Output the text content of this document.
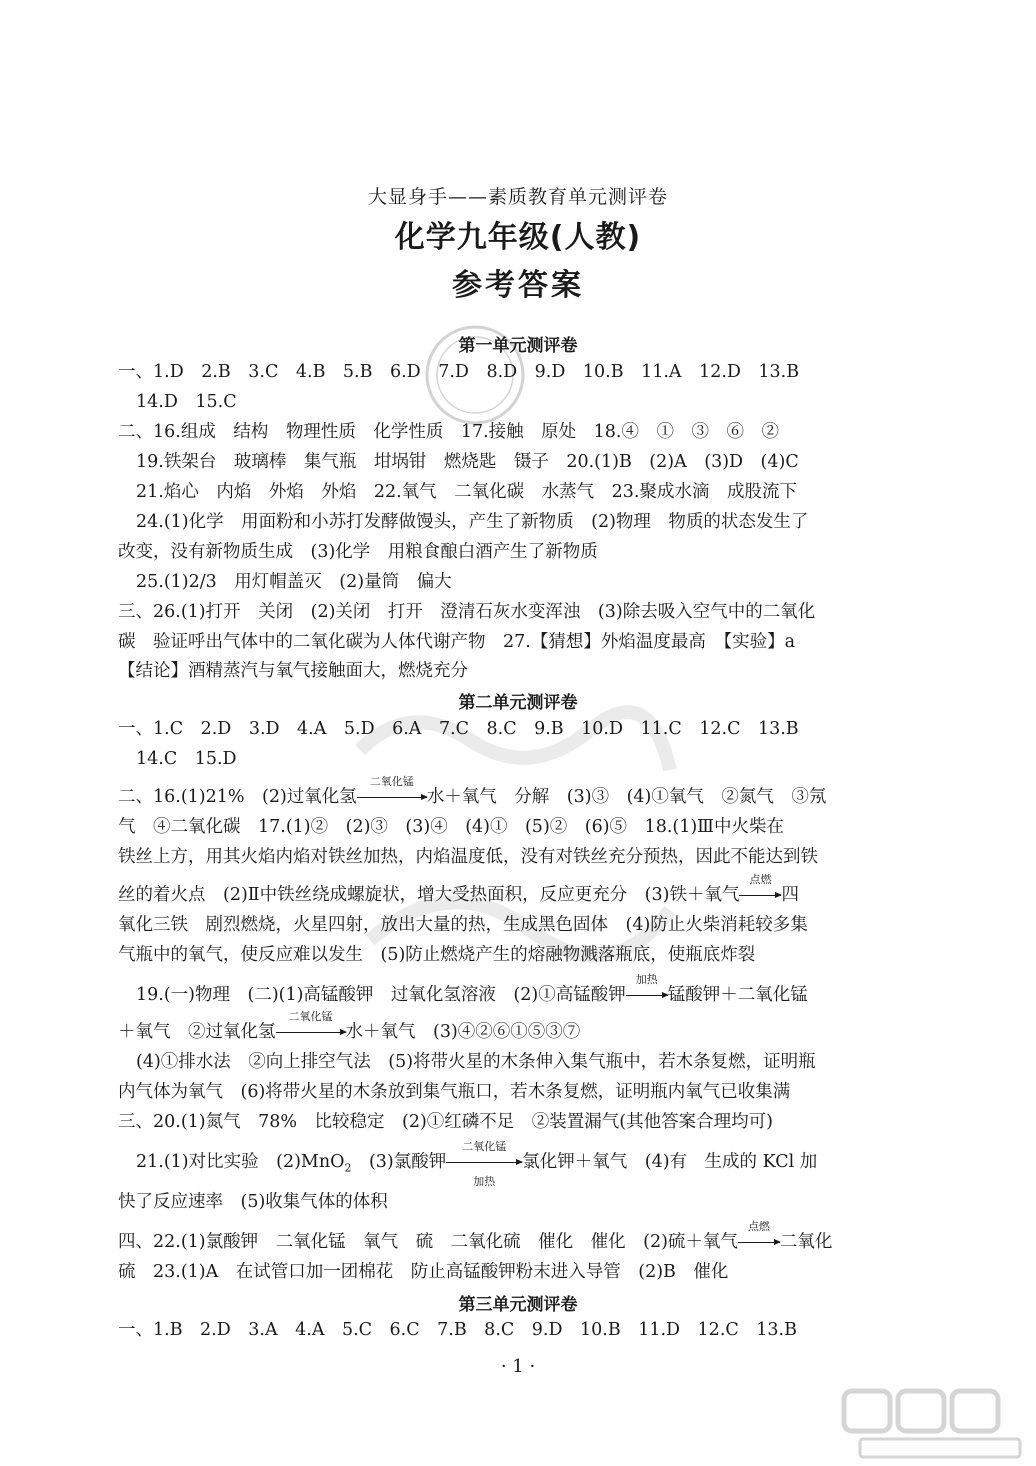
大显身手——素质教育单元测评卷
化学九年级(人教)
参考答案
第一单元测评卷
一、1.D　2.B　3.C　4.B　5.B　6.D　7.D　8.D　9.D　10.B　11.A　12.D　13.B
14.D　15.C
二、16.组成　结构　物理性质　化学性质　17.接触　原处　18.④　①　③　⑥　②
19.铁架台　玻璃棒　集气瓶　坩埚钳　燃烧匙　镊子　20.(1)B　(2)A　(3)D　(4)C
21.焰心　内焰　外焰　外焰　22.氧气　二氧化碳　水蒸气　23.聚成水滴　成股流下
24.(1)化学　用面粉和小苏打发酵做馒头，产生了新物质　(2)物理　物质的状态发生了
改变，没有新物质生成　(3)化学　用粮食酿白酒产生了新物质
25.(1)2/3　用灯帽盖灭　(2)量筒　偏大
三、26.(1)打开　关闭　(2)关闭　打开　澄清石灰水变浑浊　(3)除去吸入空气中的二氧化
碳　验证呼出气体中的二氧化碳为人体代谢产物　27.【猜想】外焰温度最高　【实验】a
【结论】酒精蒸汽与氧气接触面大，燃烧充分
第二单元测评卷
一、1.C　2.D　3.D　4.A　5.D　6.A　7.C　8.C　9.B　10.D　11.C　12.C　13.B
14.C　15.D
二、16.(1)21%　(2)过氧化氢
二氧化锰
水＋氧气　分解　(3)③　(4)①氧气　②氮气　③氖
气　④二氧化碳　17.(1)②　(2)③　(3)④　(4)①　(5)②　(6)⑤　18.(1)Ⅲ中火柴在
铁丝上方，用其火焰内焰对铁丝加热，内焰温度低，没有对铁丝充分预热，因此不能达到铁
丝的着火点　(2)Ⅱ中铁丝绕成螺旋状，增大受热面积，反应更充分　(3)铁＋氧气
点燃
四
氧化三铁　剧烈燃烧，火星四射，放出大量的热，生成黑色固体　(4)防止火柴消耗较多集
气瓶中的氧气，使反应难以发生　(5)防止燃烧产生的熔融物溅落瓶底，使瓶底炸裂
19.(一)物理　(二)(1)高锰酸钾　过氧化氢溶液　(2)①高锰酸钾
加热
锰酸钾＋二氧化锰
＋氧气　②过氧化氢
二氧化锰
水＋氧气　(3)④②⑥①⑤③⑦
(4)①排水法　②向上排空气法　(5)将带火星的木条伸入集气瓶中，若木条复燃，证明瓶
内气体为氧气　(6)将带火星的木条放到集气瓶口，若木条复燃，证明瓶内氧气已收集满
三、20.(1)氮气　78%　比较稳定　(2)①红磷不足　②装置漏气(其他答案合理均可)
21.(1)对比实验　(2)MnO$_2$　(3)氯酸钾
二氧化锰
加热
氯化钾＋氧气　(4)有　生成的 KCl 加
快了反应速率　(5)收集气体的体积
四、22.(1)氯酸钾　二氧化锰　氧气　硫　二氧化硫　催化　催化　(2)硫＋氧气
点燃
二氧化
硫　23.(1)A　在试管口加一团棉花　防止高锰酸钾粉末进入导管　(2)B　催化
第三单元测评卷
一、1.B　2.D　3.A　4.A　5.C　6.C　7.B　8.C　9.D　10.B　11.D　12.C　13.B
· 1 ·
